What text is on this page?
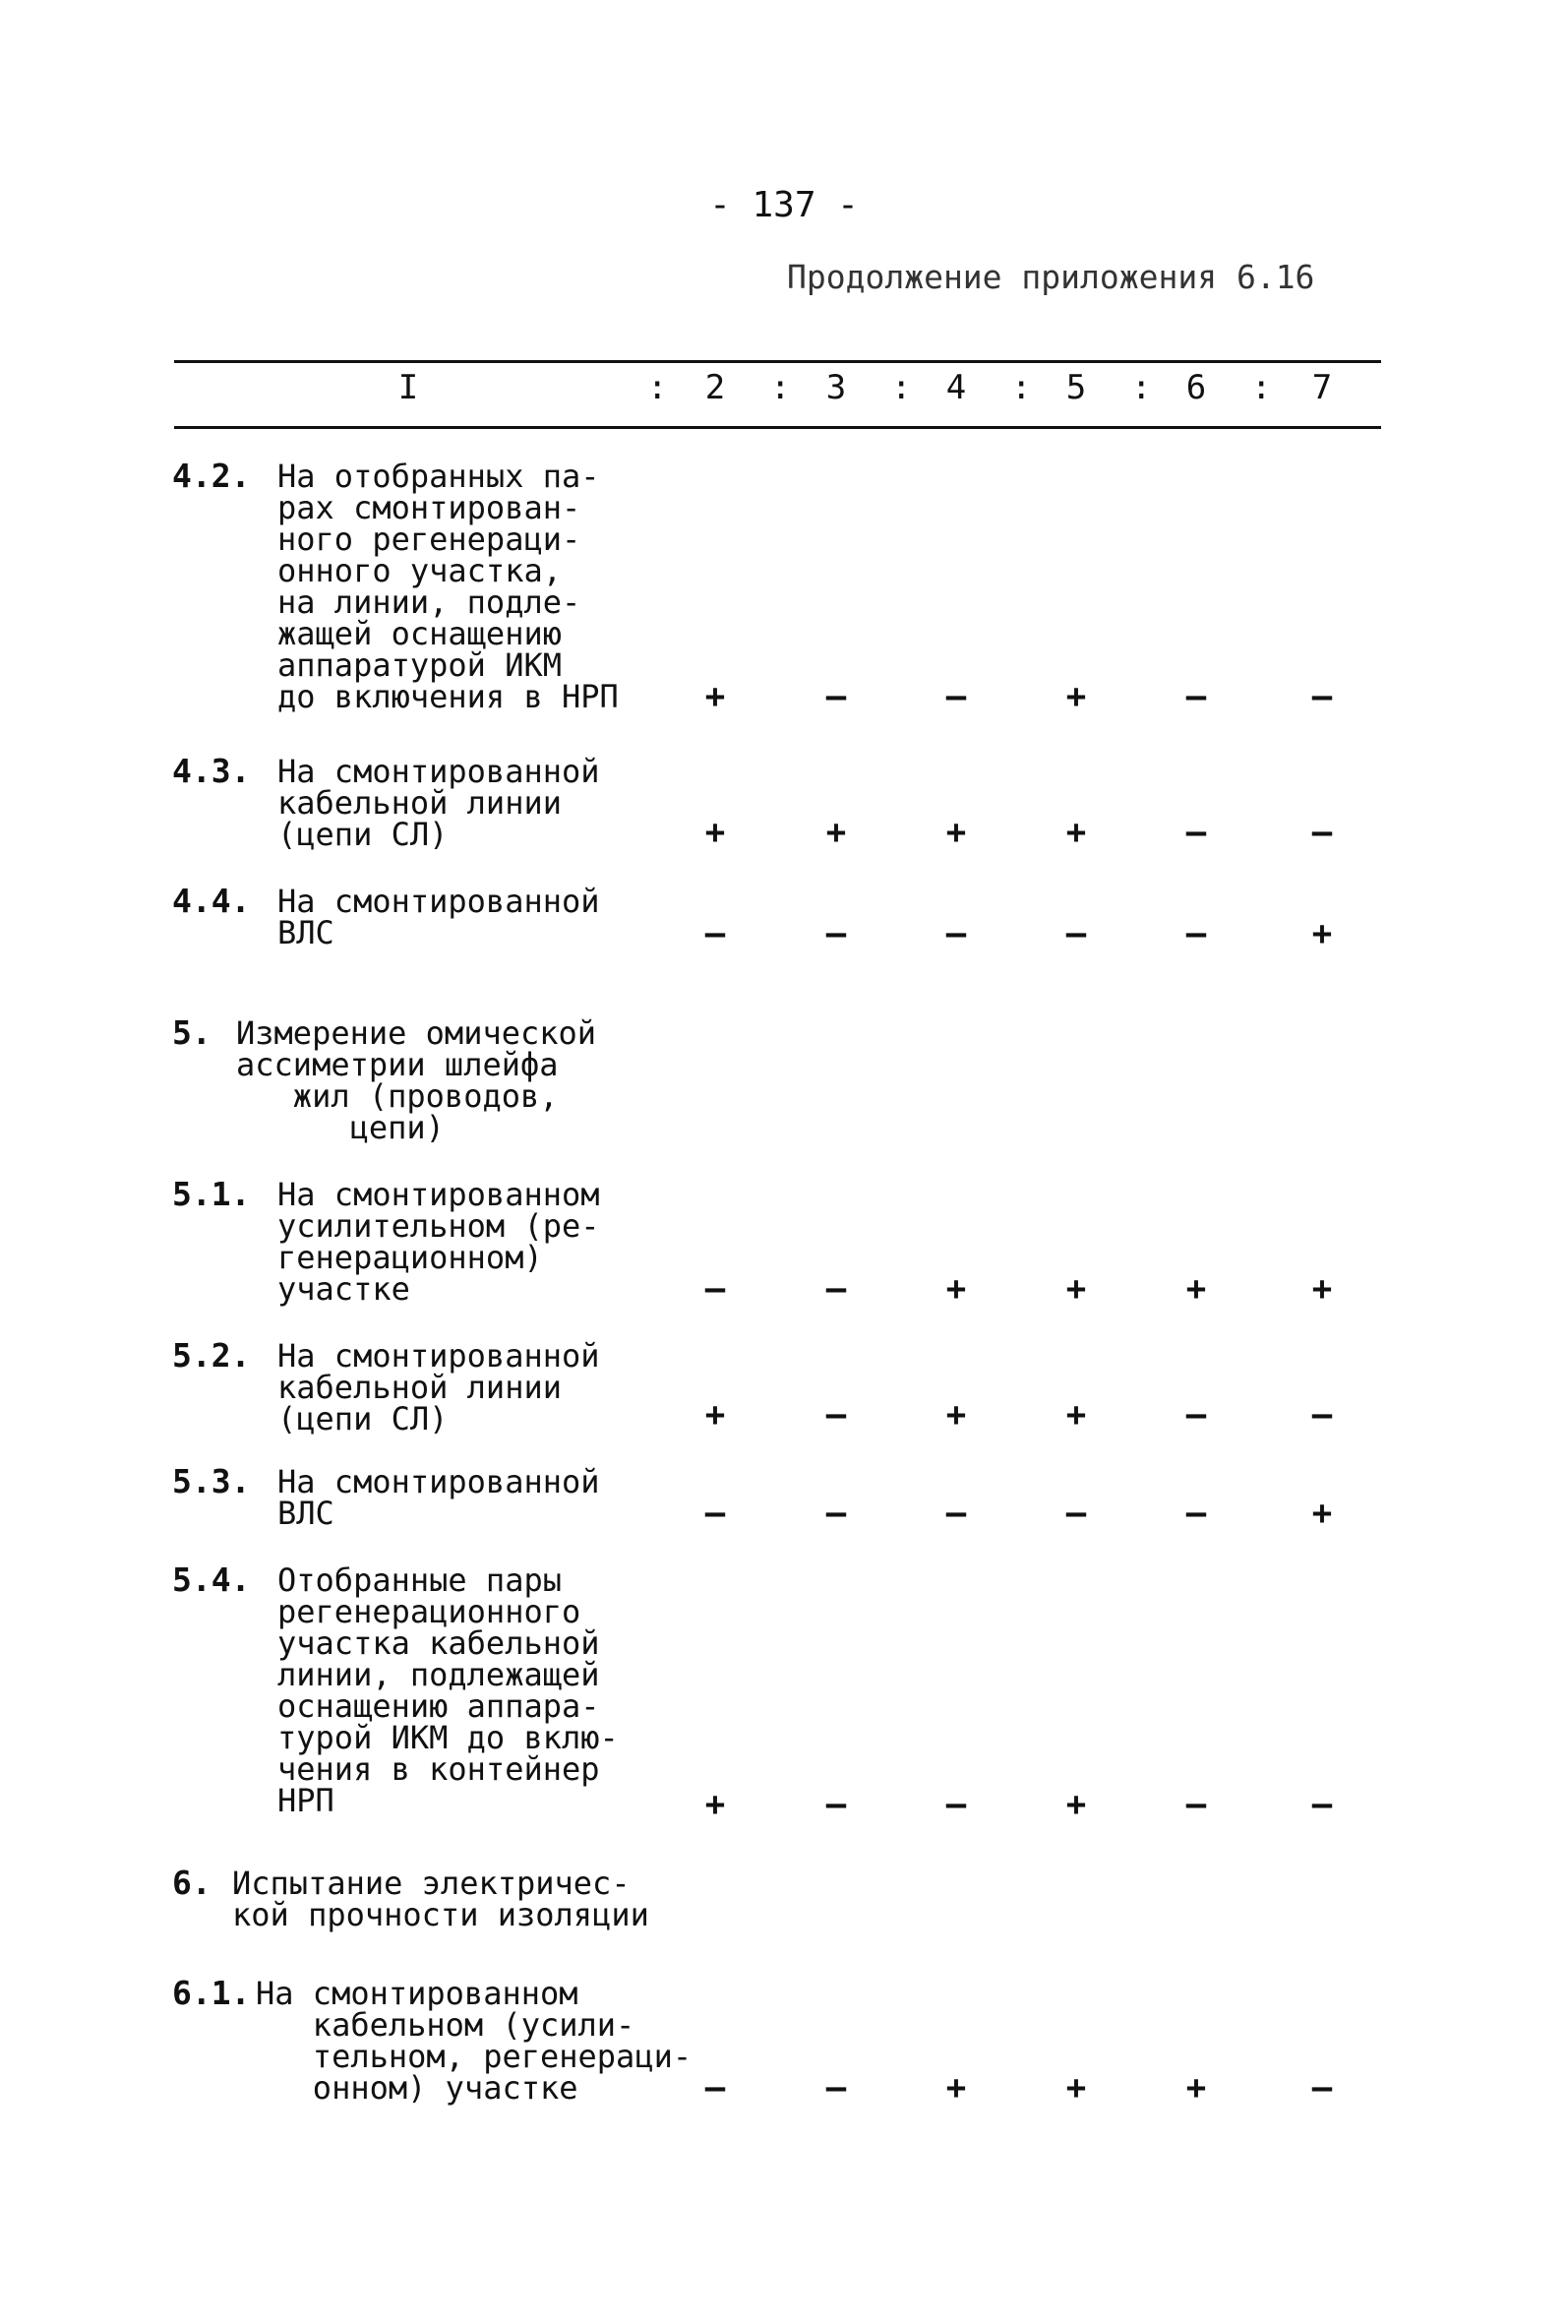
- 137 -
Продолжение приложения 6.16
I	: 2 : 3 : 4 : 5 : 6 : 7
4.2. На отобранных па-
рах смонтирован-
ного регенераци-
онного участка,
на линии, подле-
жащей оснащению
аппаратурой ИКМ
до включения в НРП	+	–	–	+	–	–
4.3. На смонтированной
кабельной линии
(цепи СЛ)	+	+	+	+	–	–
4.4. На смонтированной
ВЛС	–	–	–	–	–	+
5. Измерение омической
ассиметрии шлейфа
жил (проводов,
цепи)
5.1. На смонтированном
усилительном (ре-
генерационном)
участке	–	–	+	+	+	+
5.2. На смонтированной
кабельной линии
(цепи СЛ)	+	–	+	+	–	–
5.3. На смонтированной
ВЛС	–	–	–	–	–	+
5.4. Отобранные пары
регенерационного
участка кабельной
линии, подлежащей
оснащению аппара-
турой ИКМ до вклю-
чения в контейнер
НРП	+	–	–	+	–	–
6. Испытание электричес-
кой прочности изоляции
6.1. На смонтированном
кабельном (усили-
тельном, регенераци-
онном) участке	–	–	+	+	+	–
